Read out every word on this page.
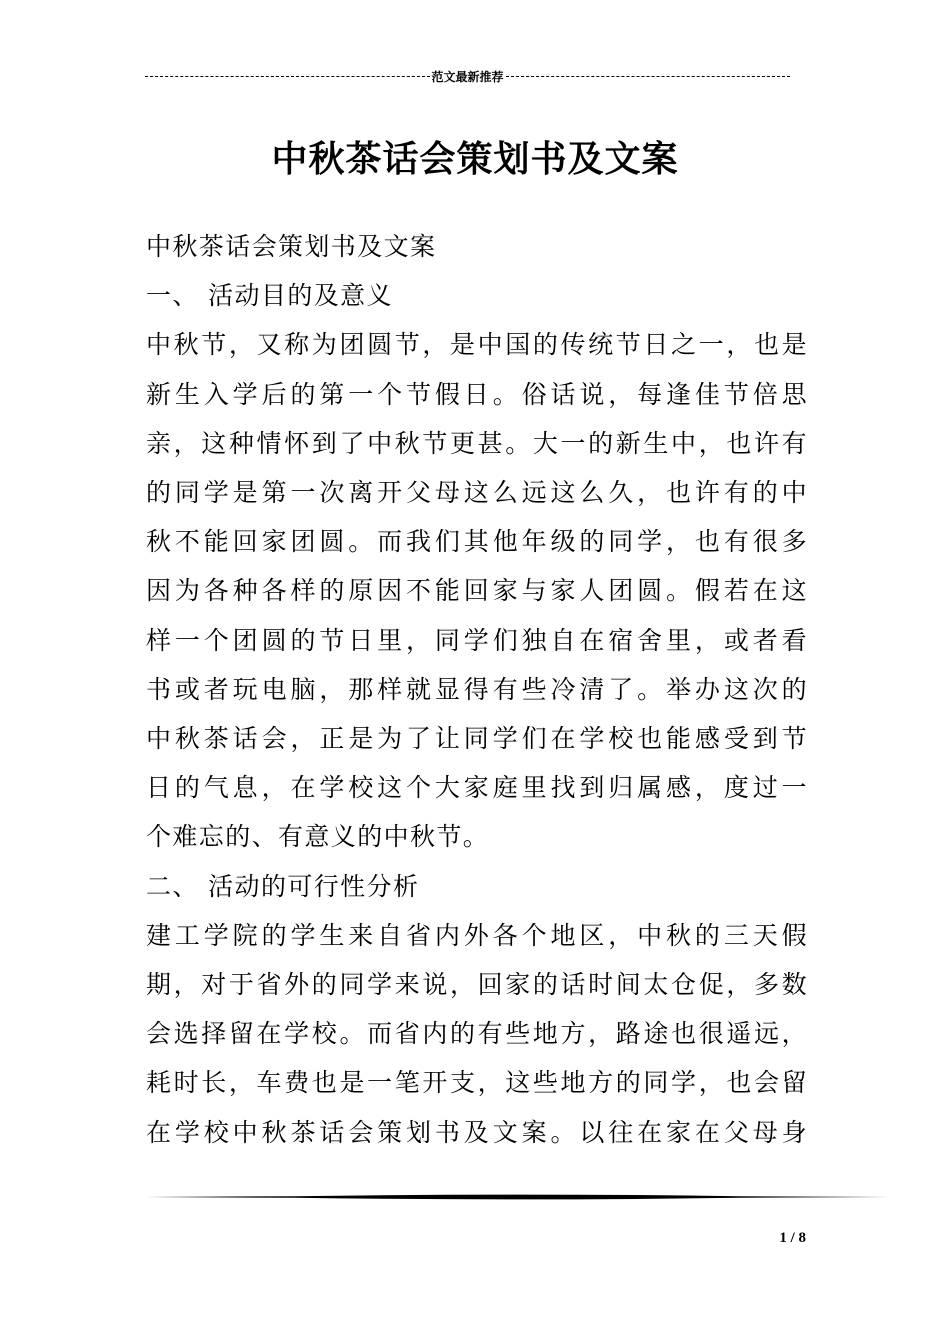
范文最新推荐
中秋茶话会策划书及文案

中秋茶话会策划书及文案

一、 活动目的及意义

中秋节，又称为团圆节，是中国的传统节日之一，也是

新生入学后的第一个节假日。俗话说，每逢佳节倍思

亲，这种情怀到了中秋节更甚。大一的新生中，也许有

的同学是第一次离开父母这么远这么久，也许有的中

秋不能回家团圆。而我们其他年级的同学，也有很多

因为各种各样的原因不能回家与家人团圆。假若在这

样一个团圆的节日里，同学们独自在宿舍里，或者看

书或者玩电脑，那样就显得有些冷清了。举办这次的

中秋茶话会，正是为了让同学们在学校也能感受到节

日的气息，在学校这个大家庭里找到归属感，度过一

个难忘的、有意义的中秋节。

二、 活动的可行性分析

建工学院的学生来自省内外各个地区，中秋的三天假

期，对于省外的同学来说，回家的话时间太仓促，多数

会选择留在学校。而省内的有些地方，路途也很遥远，

耗时长，车费也是一笔开支，这些地方的同学，也会留

在学校中秋茶话会策划书及文案。以往在家在父母身

1 / 8
